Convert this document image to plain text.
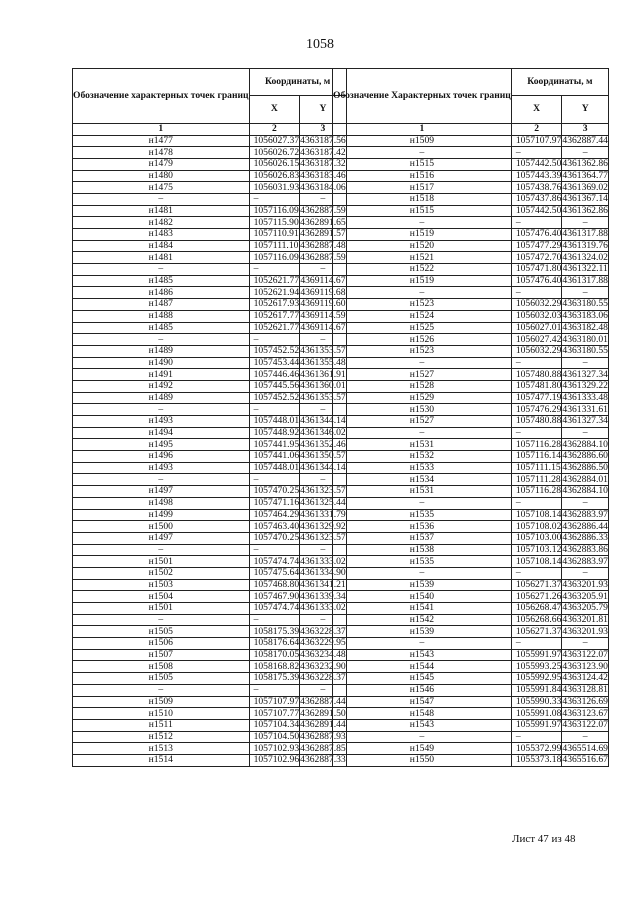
1058
Обозначение характерных точек границ	Координаты, м	
	X	Y
1	2	3
н1477	1056027.37	4363187.56
н1478	1056026.72	4363187.42
н1479	1056026.15	4363187.32
н1480	1056026.83	4363183.46
н1475	1056031.93	4363184.06
–	–	–
н1481	1057116.09	4362887.59
н1482	1057115.90	4362891.65
н1483	1057110.91	4362891.57
н1484	1057111.10	4362887.48
н1481	1057116.09	4362887.59
–	–	–
н1485	1052621.77	4369114.67
н1486	1052621.94	4369119.68
н1487	1052617.93	4369119.60
н1488	1052617.77	4369114.59
н1485	1052621.77	4369114.67
–	–	–
н1489	1057452.52	4361353.57
н1490	1057453.44	4361355.48
н1491	1057446.46	4361361.91
н1492	1057445.56	4361360.01
н1489	1057452.52	4361353.57
–	–	–
н1493	1057448.01	4361344.14
н1494	1057448.92	4361346.02
н1495	1057441.95	4361352.46
н1496	1057441.06	4361350.57
н1493	1057448.01	4361344.14
–	–	–
н1497	1057470.25	4361323.57
н1498	1057471.16	4361325.44
н1499	1057464.29	4361331.79
н1500	1057463.40	4361329.92
н1497	1057470.25	4361323.57
–	–	–
н1501	1057474.74	4361333.02
н1502	1057475.64	4361334.90
н1503	1057468.80	4361341.21
н1504	1057467.90	4361339.34
н1501	1057474.74	4361333.02
–	–	–
н1505	1058175.39	4363228.37
н1506	1058176.64	4363229.95
н1507	1058170.05	4363234.48
н1508	1058168.82	4363232.90
н1505	1058175.39	4363228.37
–	–	–
н1509	1057107.97	4362887.44
н1510	1057107.77	4362891.50
н1511	1057104.34	4362891.44
н1512	1057104.50	4362887.93
н1513	1057102.93	4362887.85
н1514	1057102.96	4362887.33
Обозначение Характерных точек границ	Координаты, м	
	X	Y
1	2	3
н1509	1057107.97	4362887.44
–	–	–
н1515	1057442.50	4361362.86
н1516	1057443.39	4361364.77
н1517	1057438.76	4361369.02
н1518	1057437.86	4361367.14
н1515	1057442.50	4361362.86
–	–	–
н1519	1057476.40	4361317.88
н1520	1057477.29	4361319.76
н1521	1057472.70	4361324.02
н1522	1057471.80	4361322.11
н1519	1057476.40	4361317.88
–	–	–
н1523	1056032.29	4363180.55
н1524	1056032.03	4363183.06
н1525	1056027.01	4363182.48
н1526	1056027.42	4363180.01
н1523	1056032.29	4363180.55
–	–	–
н1527	1057480.88	4361327.34
н1528	1057481.80	4361329.22
н1529	1057477.19	4361333.48
н1530	1057476.29	4361331.61
н1527	1057480.88	4361327.34
–	–	–
н1531	1057116.28	4362884.10
н1532	1057116.14	4362886.60
н1533	1057111.15	4362886.50
н1534	1057111.28	4362884.01
н1531	1057116.28	4362884.10
–	–	–
н1535	1057108.14	4362883.97
н1536	1057108.02	4362886.44
н1537	1057103.00	4362886.33
н1538	1057103.12	4362883.86
н1535	1057108.14	4362883.97
–	–	–
н1539	1056271.37	4363201.93
н1540	1056271.26	4363205.91
н1541	1056268.47	4363205.79
н1542	1056268.66	4363201.81
н1539	1056271.37	4363201.93
–	–	–
н1543	1055991.97	4363122.07
н1544	1055993.25	4363123.90
н1545	1055992.95	4363124.42
н1546	1055991.84	4363128.81
н1547	1055990.33	4363126.69
н1548	1055991.08	4363123.67
н1543	1055991.97	4363122.07
–	–	–
н1549	1055372.99	4365514.69
н1550	1055373.18	4365516.67
Лист 47 из 48
